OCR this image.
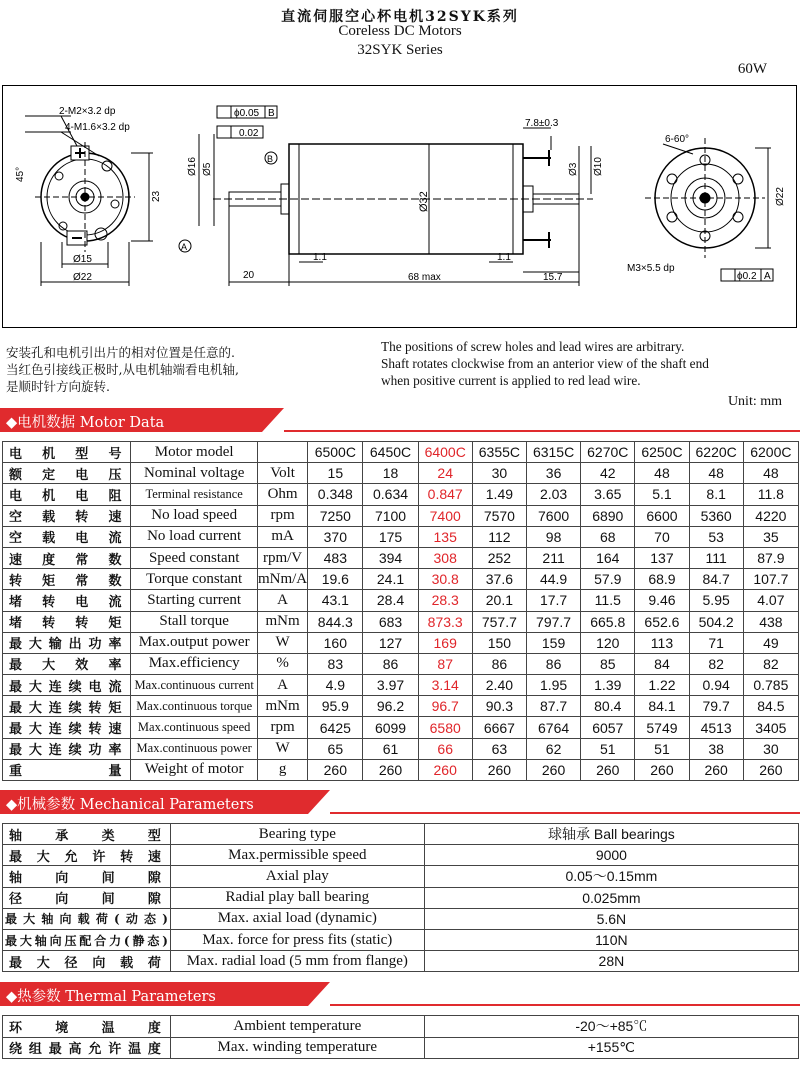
直流伺服空心杯电机32SYK系列
Coreless DC Motors
32SYK Series
60W
2-M2×3.2 dp
4-M1.6×3.2 dp
45°
23
Ø15
Ø22
ϕ0.05 B
0.02
Ø16 Ø5
B
A
Ø32
7.8±0.3
Ø3 Ø10
1.1	1.1
20	68 max	15.7
6-60°
Ø22
M3×5.5 dp
ϕ0.2 A
Unit: mm
安装孔和电机引出片的相对位置是任意的.
当红色引接线正极时,从电机轴端看电机轴,
是顺时针方向旋转.
The positions of screw holes and lead wires are arbitrary.
Shaft rotates clockwise from an anterior view of the shaft end
when positive current is applied to red lead wire.
◆电机数据 Motor Data
电机型号	Motor model		6500C	6450C	6400C	6355C	6315C	6270C	6250C	6220C	6200C
额定电压	Nominal voltage	Volt	15	18	24	30	36	42	48	48	48
电机电阻	Terminal resistance	Ohm	0.348	0.634	0.847	1.49	2.03	3.65	5.1	8.1	11.8
空载转速	No load speed	rpm	7250	7100	7400	7570	7600	6890	6600	5360	4220
空载电流	No load current	mA	370	175	135	112	98	68	70	53	35
速度常数	Speed constant	rpm/V	483	394	308	252	211	164	137	111	87.9
转矩常数	Torque constant	mNm/A	19.6	24.1	30.8	37.6	44.9	57.9	68.9	84.7	107.7
堵转电流	Starting current	A	43.1	28.4	28.3	20.1	17.7	11.5	9.46	5.95	4.07
堵转转矩	Stall torque	mNm	844.3	683	873.3	757.7	797.7	665.8	652.6	504.2	438
最大输出功率	Max.output power	W	160	127	169	150	159	120	113	71	49
最大效率	Max.efficiency	%	83	86	87	86	86	85	84	82	82
最大连续电流	Max.continuous current	A	4.9	3.97	3.14	2.40	1.95	1.39	1.22	0.94	0.785
最大连续转矩	Max.continuous torque	mNm	95.9	96.2	96.7	90.3	87.7	80.4	84.1	79.7	84.5
最大连续转速	Max.continuous speed	rpm	6425	6099	6580	6667	6764	6057	5749	4513	3405
最大连续功率	Max.continuous power	W	65	61	66	63	62	51	51	38	30
重量	Weight of motor	g	260	260	260	260	260	260	260	260	260
◆机械参数 Mechanical Parameters
轴承类型	Bearing type	球轴承 Ball bearings
最大允许转速	Max.permissible speed	9000
轴向间隙	Axial play	0.05～0.15mm
径向间隙	Radial play ball bearing	0.025mm
最大轴向载荷(动态)	Max. axial load (dynamic)	5.6N
最大轴向压配合力(静态)	Max. force for press fits (static)	110N
最大径向载荷	Max. radial load (5 mm from flange)	28N
◆热参数 Thermal Parameters
环境温度	Ambient temperature	-20～+85℃
绕组最高允许温度	Max. winding temperature	+155℃
